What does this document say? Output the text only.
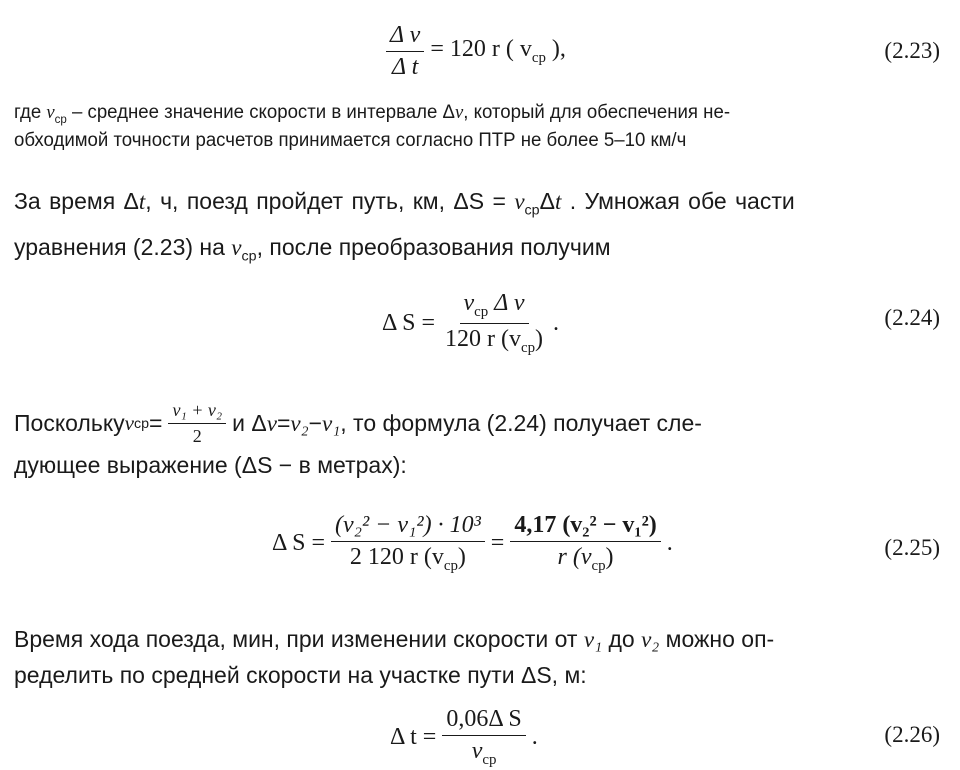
$\frac{\text{Δ v}}{\text{Δ t}} = 120$ r ( $v_{ср}$ ),	(2.23)
где $v_{ср}$ – среднее значение скорости в интервале Δv, который для обеспечения не-
обходимой точности расчетов принимается согласно ПТР не более 5–10 км/ч
За время Δt, ч, поезд пройдет путь, км, $\Delta S = v_{ср}\Delta t$ . Умножая обе части
уравнения (2.23) на $v_{ср}$, после преобразования получим
Δ $S = \frac{v_{ср} \Delta v}{120 r (v_{ср})}$ .	(2.24)
Поскольку v ср = $\frac{\text{v₁ + v₂}}{2}$ и Δ v = v₂ − v₁ , то формула (2.24) получает сле-
дующее выражение (ΔS − в метрах):
Δ $S = \frac{\text{(v₂² − v₁²) · 10³}}{2 120 r (v_{ср})} = \frac{\text{4,17 (v₂² − v₁²)}}{r (v_{ср})}$ .	(2.25)
Время хода поезда, мин, при изменении скорости от v₁ до v₂ можно оп-
ределить по средней скорости на участке пути ΔS, м:
Δ $t = \frac{\text{0,06Δ S}}{v_{ср}}$ .	(2.26)
